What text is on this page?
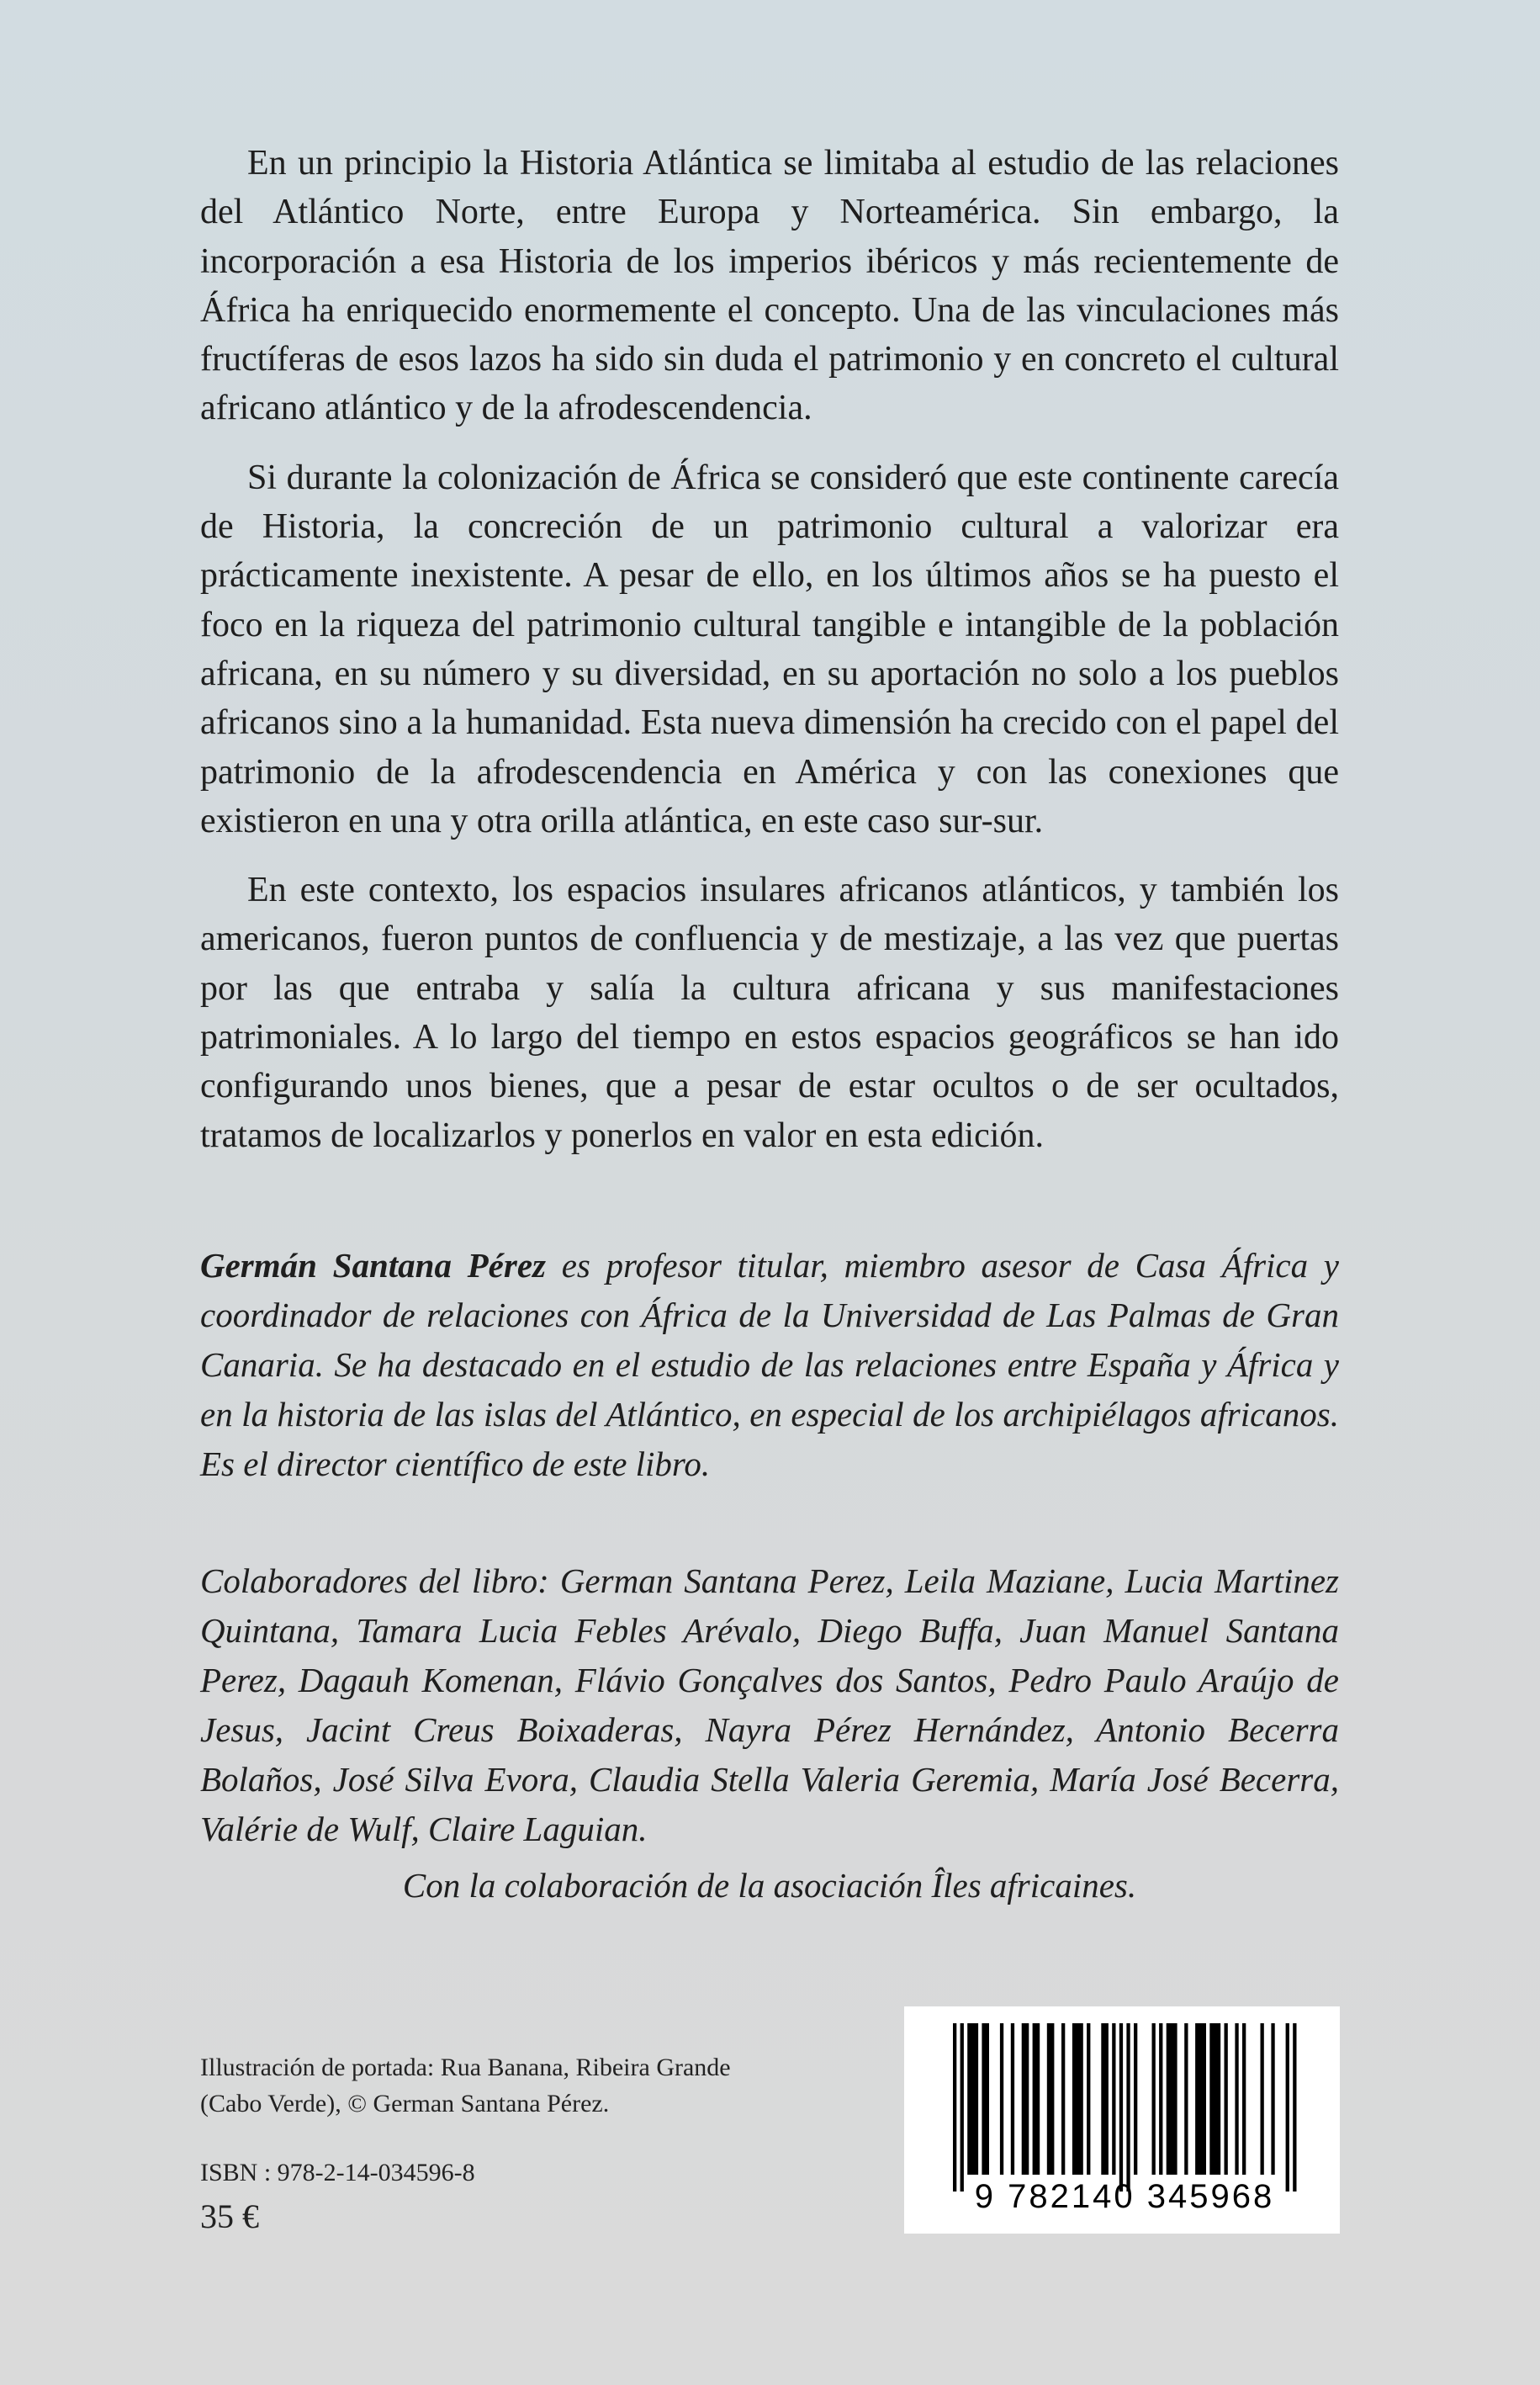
En un principio la Historia Atlántica se limitaba al estudio de las relaciones del Atlántico Norte, entre Europa y Norteamérica. Sin embargo, la incorporación a esa Historia de los imperios ibéricos y más recientemente de África ha enriquecido enormemente el concepto. Una de las vinculaciones más fructíferas de esos lazos ha sido sin duda el patrimonio y en concreto el cultural africano atlántico y de la afrodescendencia.

Si durante la colonización de África se consideró que este continente carecía de Historia, la concreción de un patrimonio cultural a valorizar era prácticamente inexistente. A pesar de ello, en los últimos años se ha puesto el foco en la riqueza del patrimonio cultural tangible e intangible de la población africana, en su número y su diversidad, en su aportación no solo a los pueblos africanos sino a la humanidad. Esta nueva dimensión ha crecido con el papel del patrimonio de la afrodescendencia en América y con las conexiones que existieron en una y otra orilla atlántica, en este caso sur-sur.

En este contexto, los espacios insulares africanos atlánticos, y también los americanos, fueron puntos de confluencia y de mestizaje, a las vez que puertas por las que entraba y salía la cultura africana y sus manifestaciones patrimoniales. A lo largo del tiempo en estos espacios geográficos se han ido configurando unos bienes, que a pesar de estar ocultos o de ser ocultados, tratamos de localizarlos y ponerlos en valor en esta edición.

Germán Santana Pérez es profesor titular, miembro asesor de Casa África y coordinador de relaciones con África de la Universidad de Las Palmas de Gran Canaria. Se ha destacado en el estudio de las relaciones entre España y África y en la historia de las islas del Atlántico, en especial de los archipiélagos africanos. Es el director científico de este libro.

Colaboradores del libro: German Santana Perez, Leila Maziane, Lucia Martinez Quintana, Tamara Lucia Febles Arévalo, Diego Buffa, Juan Manuel Santana Perez, Dagauh Komenan, Flávio Gonçalves dos Santos, Pedro Paulo Araújo de Jesus, Jacint Creus Boixaderas, Nayra Pérez Hernández, Antonio Becerra Bolaños, José Silva Evora, Claudia Stella Valeria Geremia, María José Becerra, Valérie de Wulf, Claire Laguian.

Con la colaboración de la asociación Îles africaines.
Illustración de portada: Rua Banana, Ribeira Grande (Cabo Verde), © German Santana Pérez.
ISBN : 978-2-14-034596-8
35 €
9 782140 345968
